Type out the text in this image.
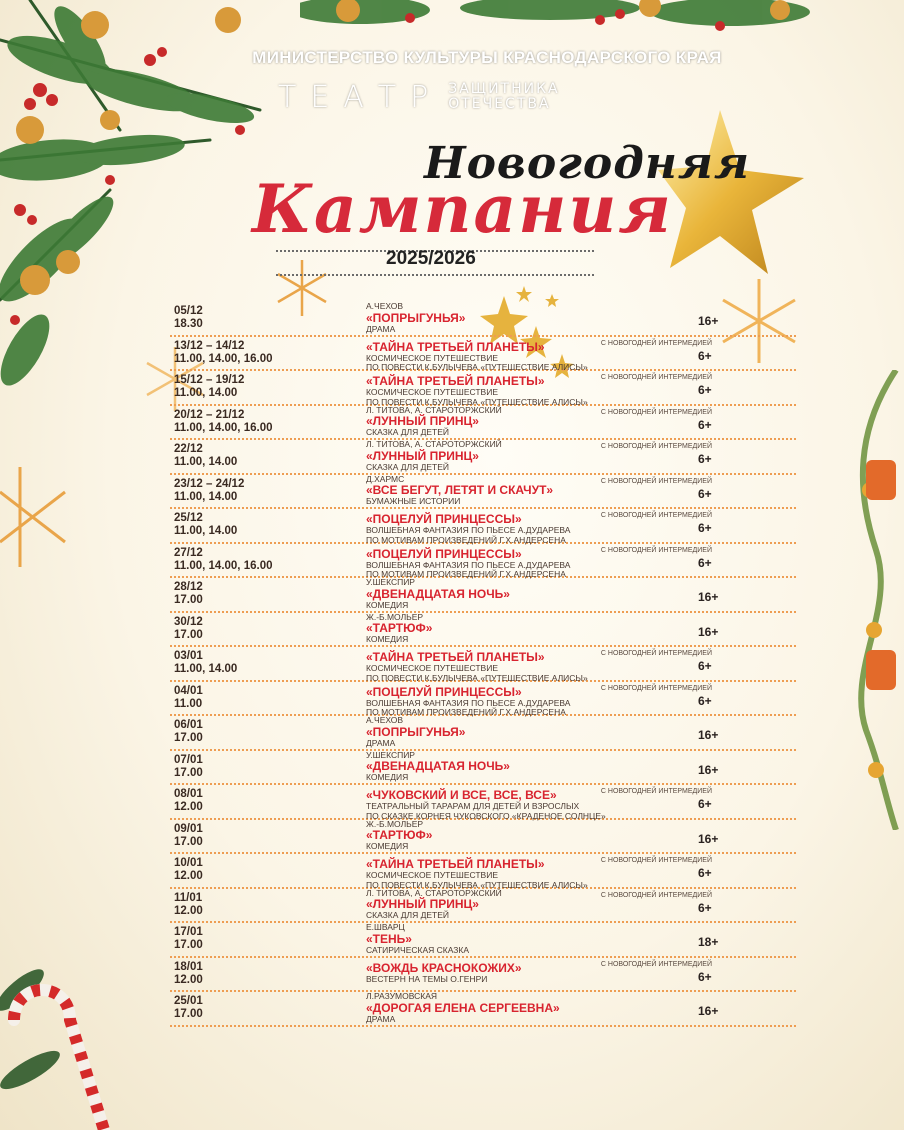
МИНИСТЕРСТВО КУЛЬТУРЫ КРАСНОДАРСКОГО КРАЯ
ТЕАТР ЗАЩИТНИКА
ОТЕЧЕСТВА
Новогодняя
Кампания
2025/2026
05/12
18.30
А.ЧЕХОВ
«ПОПРЫГУНЬЯ»
ДРАМА
16+
13/12 – 14/12
11.00, 14.00, 16.00
«ТАЙНА ТРЕТЬЕЙ ПЛАНЕТЫ»
КОСМИЧЕСКОЕ ПУТЕШЕСТВИЕ
ПО ПОВЕСТИ К.БУЛЫЧЕВА «ПУТЕШЕСТВИЕ АЛИСЫ»
С НОВОГОДНЕЙ ИНТЕРМЕДИЕЙ
6+
15/12 – 19/12
11.00, 14.00
«ТАЙНА ТРЕТЬЕЙ ПЛАНЕТЫ»
КОСМИЧЕСКОЕ ПУТЕШЕСТВИЕ
ПО ПОВЕСТИ К.БУЛЫЧЕВА «ПУТЕШЕСТВИЕ АЛИСЫ»
С НОВОГОДНЕЙ ИНТЕРМЕДИЕЙ
6+
20/12 – 21/12
11.00, 14.00, 16.00
Л. ТИТОВА, А. СТАРОТОРЖСКИЙ
«ЛУННЫЙ ПРИНЦ»
СКАЗКА ДЛЯ ДЕТЕЙ
С НОВОГОДНЕЙ ИНТЕРМЕДИЕЙ
6+
22/12
11.00, 14.00
Л. ТИТОВА, А. СТАРОТОРЖСКИЙ
«ЛУННЫЙ ПРИНЦ»
СКАЗКА ДЛЯ ДЕТЕЙ
С НОВОГОДНЕЙ ИНТЕРМЕДИЕЙ
6+
23/12 – 24/12
11.00, 14.00
Д.ХАРМС
«ВСЕ БЕГУТ, ЛЕТЯТ И СКАЧУТ»
БУМАЖНЫЕ ИСТОРИИ
С НОВОГОДНЕЙ ИНТЕРМЕДИЕЙ
6+
25/12
11.00, 14.00
«ПОЦЕЛУЙ ПРИНЦЕССЫ»
ВОЛШЕБНАЯ ФАНТАЗИЯ ПО ПЬЕСЕ А.ДУДАРЕВА
ПО МОТИВАМ ПРОИЗВЕДЕНИЙ Г.Х.АНДЕРСЕНА
С НОВОГОДНЕЙ ИНТЕРМЕДИЕЙ
6+
27/12
11.00, 14.00, 16.00
«ПОЦЕЛУЙ ПРИНЦЕССЫ»
ВОЛШЕБНАЯ ФАНТАЗИЯ ПО ПЬЕСЕ А.ДУДАРЕВА
ПО МОТИВАМ ПРОИЗВЕДЕНИЙ Г.Х.АНДЕРСЕНА
С НОВОГОДНЕЙ ИНТЕРМЕДИЕЙ
6+
28/12
17.00
У.ШЕКСПИР
«ДВЕНАДЦАТАЯ НОЧЬ»
КОМЕДИЯ
16+
30/12
17.00
Ж.-Б.МОЛЬЕР
«ТАРТЮФ»
КОМЕДИЯ
16+
03/01
11.00, 14.00
«ТАЙНА ТРЕТЬЕЙ ПЛАНЕТЫ»
КОСМИЧЕСКОЕ ПУТЕШЕСТВИЕ
ПО ПОВЕСТИ К.БУЛЫЧЕВА «ПУТЕШЕСТВИЕ АЛИСЫ»
С НОВОГОДНЕЙ ИНТЕРМЕДИЕЙ
6+
04/01
11.00
«ПОЦЕЛУЙ ПРИНЦЕССЫ»
ВОЛШЕБНАЯ ФАНТАЗИЯ ПО ПЬЕСЕ А.ДУДАРЕВА
ПО МОТИВАМ ПРОИЗВЕДЕНИЙ Г.Х.АНДЕРСЕНА
С НОВОГОДНЕЙ ИНТЕРМЕДИЕЙ
6+
06/01
17.00
А.ЧЕХОВ
«ПОПРЫГУНЬЯ»
ДРАМА
16+
07/01
17.00
У.ШЕКСПИР
«ДВЕНАДЦАТАЯ НОЧЬ»
КОМЕДИЯ
16+
08/01
12.00
«ЧУКОВСКИЙ И ВСЕ, ВСЕ, ВСЕ»
ТЕАТРАЛЬНЫЙ ТАРАРАМ ДЛЯ ДЕТЕЙ И ВЗРОСЛЫХ
ПО СКАЗКЕ КОРНЕЯ ЧУКОВСКОГО «КРАДЕНОЕ СОЛНЦЕ»
С НОВОГОДНЕЙ ИНТЕРМЕДИЕЙ
6+
09/01
17.00
Ж.-Б.МОЛЬЕР
«ТАРТЮФ»
КОМЕДИЯ
16+
10/01
12.00
«ТАЙНА ТРЕТЬЕЙ ПЛАНЕТЫ»
КОСМИЧЕСКОЕ ПУТЕШЕСТВИЕ
ПО ПОВЕСТИ К.БУЛЫЧЕВА «ПУТЕШЕСТВИЕ АЛИСЫ»
С НОВОГОДНЕЙ ИНТЕРМЕДИЕЙ
6+
11/01
12.00
Л. ТИТОВА, А. СТАРОТОРЖСКИЙ
«ЛУННЫЙ ПРИНЦ»
СКАЗКА ДЛЯ ДЕТЕЙ
С НОВОГОДНЕЙ ИНТЕРМЕДИЕЙ
6+
17/01
17.00
Е.ШВАРЦ
«ТЕНЬ»
САТИРИЧЕСКАЯ СКАЗКА
18+
18/01
12.00
«ВОЖДЬ КРАСНОКОЖИХ»
ВЕСТЕРН НА ТЕМЫ О.ГЕНРИ
С НОВОГОДНЕЙ ИНТЕРМЕДИЕЙ
6+
25/01
17.00
Л.РАЗУМОВСКАЯ
«ДОРОГАЯ ЕЛЕНА СЕРГЕЕВНА»
ДРАМА
16+
